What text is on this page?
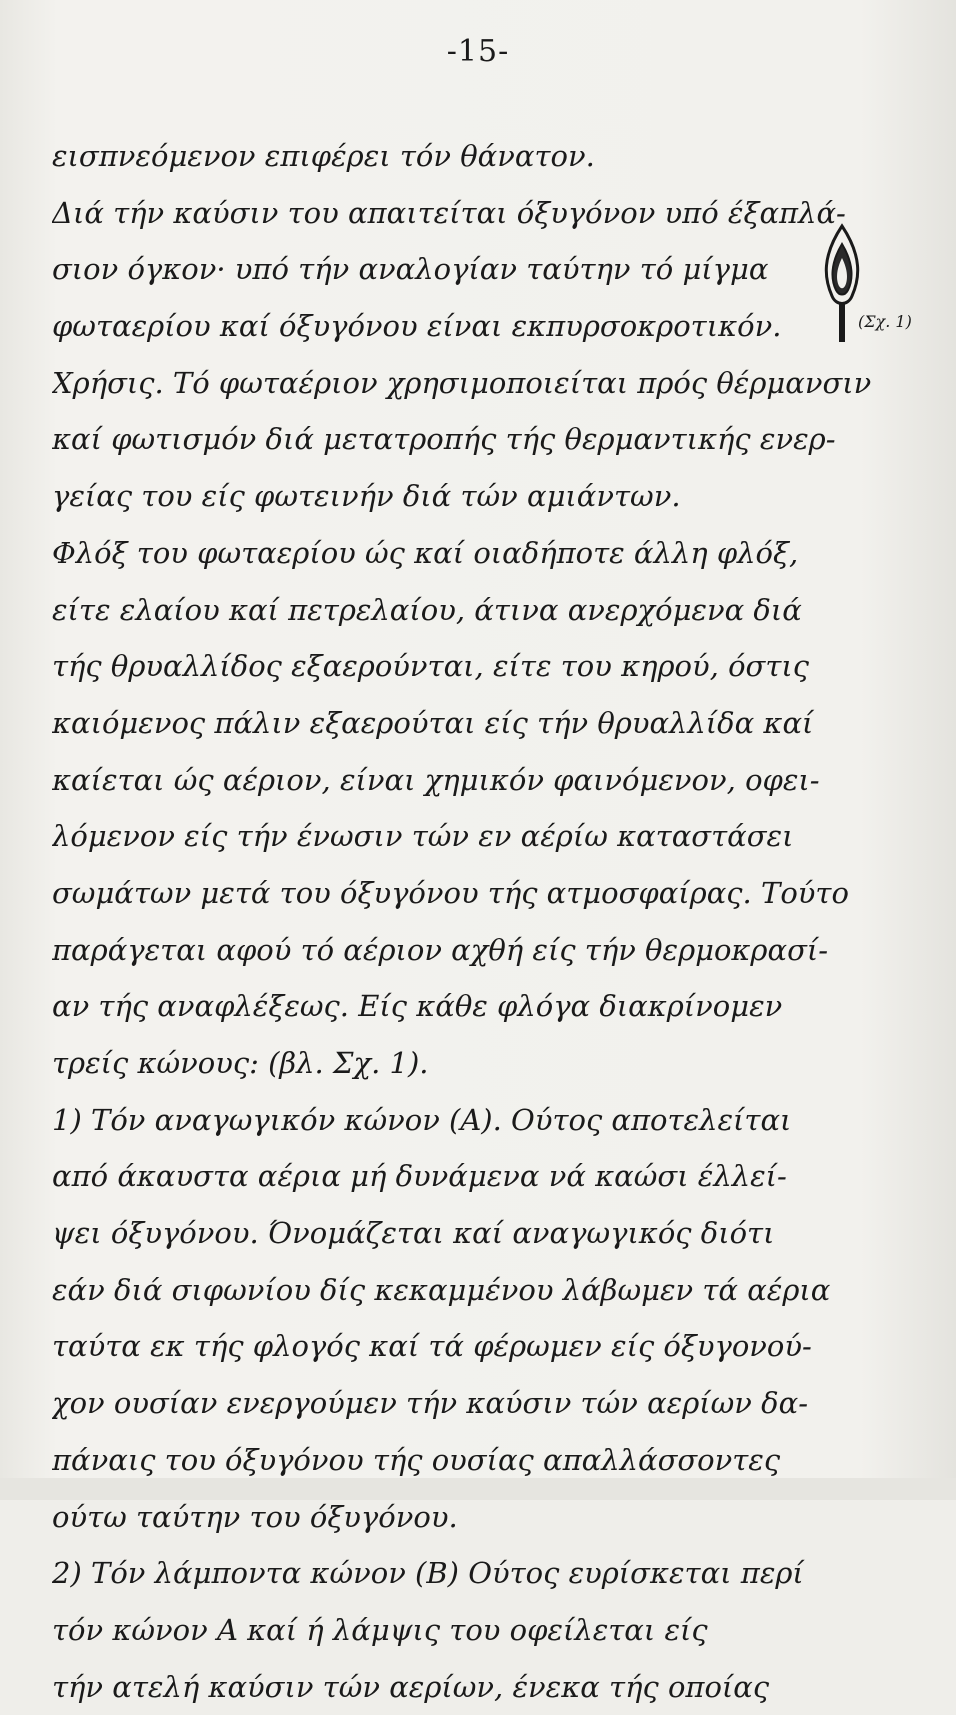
-15-
εισπνεόμενον επιφέρει τόν θάνατον.
Διά τήν καύσιν του απαιτείται όξυγόνον υπό έξαπλά-
σιον όγκον· υπό τήν αναλογίαν ταύτην τό μίγμα
φωταερίου καί όξυγόνου είναι εκπυρσοκροτικόν.
Χρήσις. Τό φωταέριον χρησιμοποιείται πρός θέρμανσιν
καί φωτισμόν διά μετατροπής τής θερμαντικής ενερ-
γείας του είς φωτεινήν διά τών αμιάντων.
Φλόξ του φωταερίου ώς καί οιαδήποτε άλλη φλόξ,
είτε ελαίου καί πετρελαίου, άτινα ανερχόμενα διά
τής θρυαλλίδος εξαερούνται, είτε του κηρού, όστις
καιόμενος πάλιν εξαερούται είς τήν θρυαλλίδα καί
καίεται ώς αέριον, είναι χημικόν φαινόμενον, οφει-
λόμενον είς τήν ένωσιν τών εν αέρίω καταστάσει
σωμάτων μετά του όξυγόνου τής ατμοσφαίρας. Τούτο
παράγεται αφού τό αέριον αχθή είς τήν θερμοκρασί-
αν τής αναφλέξεως. Είς κάθε φλόγα διακρίνομεν
τρείς κώνους: (βλ. Σχ. 1).
1) Τόν αναγωγικόν κώνον (Α). Ούτος αποτελείται
από άκαυστα αέρια μή δυνάμενα νά καώσι έλλεί-
ψει όξυγόνου. Όνομάζεται καί αναγωγικός διότι
εάν διά σιφωνίου δίς κεκαμμένου λάβωμεν τά αέρια
ταύτα εκ τής φλογός καί τά φέρωμεν είς όξυγονού-
χον ουσίαν ενεργούμεν τήν καύσιν τών αερίων δα-
πάναις του όξυγόνου τής ουσίας απαλλάσσοντες
ούτω ταύτην του όξυγόνου.
2) Τόν λάμποντα κώνον (Β) Ούτος ευρίσκεται περί
τόν κώνον Α καί ή λάμψις του οφείλεται είς
τήν ατελή καύσιν τών αερίων, ένεκα τής οποίας
(Σχ. 1)
